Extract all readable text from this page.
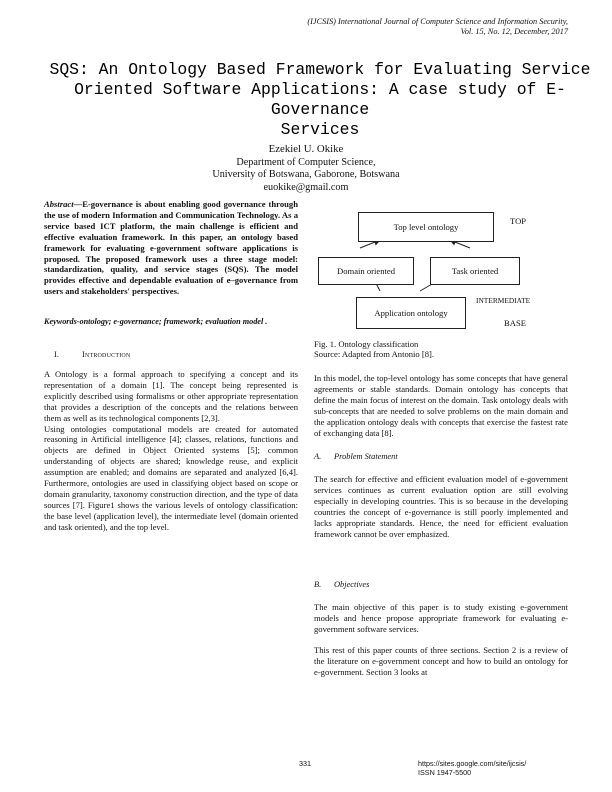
(IJCSIS) International Journal of Computer Science and Information Security,
Vol. 15, No. 12, December, 2017
SQS: An Ontology Based Framework for Evaluating Service
Oriented Software Applications: A case study of E-Governance
Services
Ezekiel U. Okike
Department of Computer Science,
University of Botswana, Gaborone, Botswana
euokike@gmail.com

Abstract—E-governance is about enabling good governance through the use of modern Information and Communication Technology. As a service based ICT platform, the main challenge is efficient and effective evaluation framework. In this paper, an ontology based framework for evaluating e-government software applications is proposed. The proposed framework uses a three stage model: standardization, quality, and service stages (SQS). The model provides effective and dependable evaluation of e–governance from users and stakeholders' perspectives.

Keywords-ontology; e-governance; framework; evaluation model .

I.	Introduction

A Ontology is a formal approach to specifying a concept and its representation of a domain [1]. The concept being represented is explicitly described using formalisms or other appropriate representation that provides a description of the concepts and the relations between them as well as its technological components [2,3].

Using ontologies computational models are created for automated reasoning in Artificial intelligence [4]; classes, relations, functions and objects are defined in Object Oriented systems [5]; common understanding of objects are shared; knowledge reuse, and explicit assumption are enabled; and domains are separated and analyzed [6,4]. Furthermore, ontologies are used in classifying object based on scope or domain granularity, taxonomy construction direction, and the type of data sources [7]. Figure1 shows the various levels of ontology classification: the base level (application level), the intermediate level (domain oriented and task oriented), and the top level.

Top level ontology
Domain oriented	Task oriented
Application ontology
TOP
INTERMEDIATE
BASE
Fig. 1. Ontology classification
Source: Adapted from Antonio [8].

In this model, the top-level ontology has some concepts that have general agreements or stable standards. Domain ontology has concepts that define the main focus of interest on the domain. Task ontology deals with sub-concepts that are needed to solve problems on the main domain and the application ontology deals with concepts that exercise the fastest rate of exchanging data [8].

A. Problem Statement

The search for effective and efficient evaluation model of e-government services continues as current evaluation option are still evolving especially in developing countries. This is so because in the developing countries the concept of e-governance is still poorly implemented and lacks appropriate standards. Hence, the need for efficient evaluation framework cannot be over emphasized.

B. Objectives

The main objective of this paper is to study existing e-government models and hence propose appropriate framework for evaluating e-government software services.

This rest of this paper counts of three sections. Section 2 is a review of the literature on e-government concept and how to build an ontology for e-government. Section 3 looks at

331	https://sites.google.com/site/ijcsis/
ISSN 1947-5500
